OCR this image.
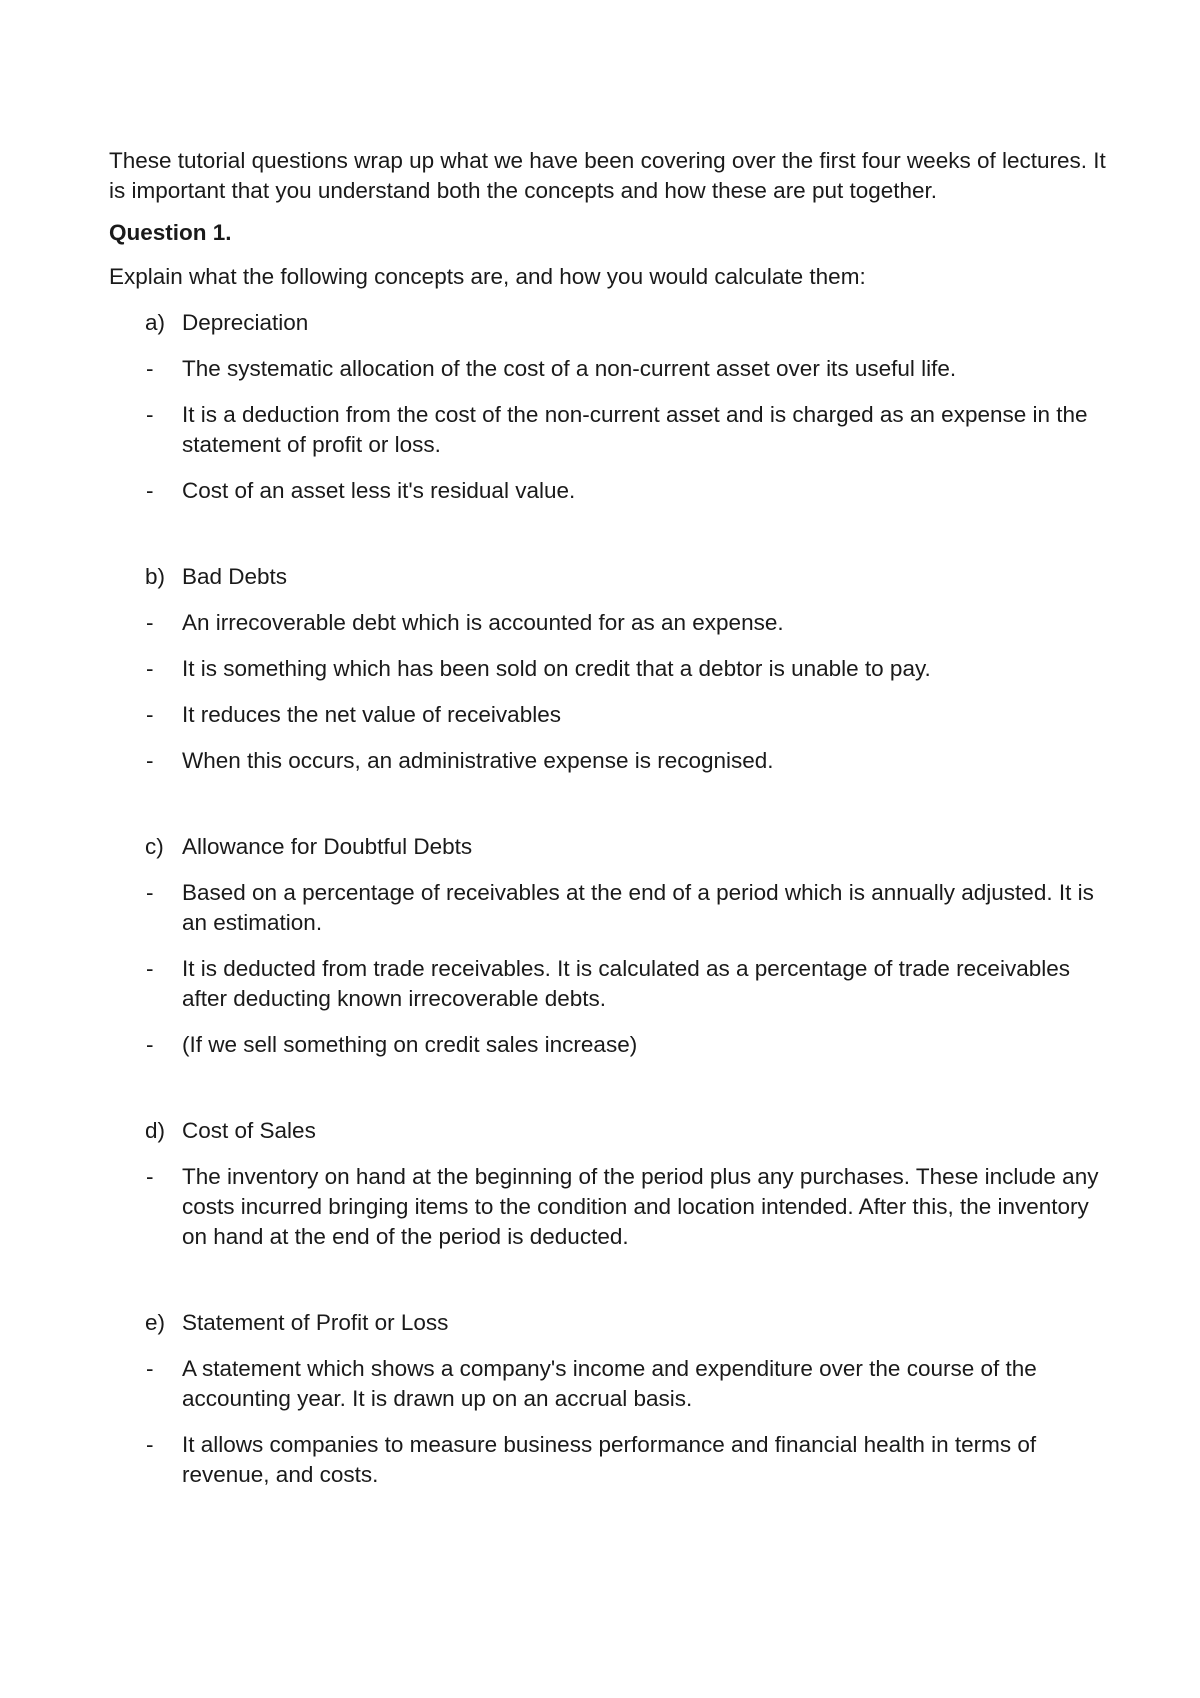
These tutorial questions wrap up what we have been covering over the first four weeks of lectures. It is important that you understand both the concepts and how these are put together.

Question 1.

Explain what the following concepts are, and how you would calculate them:

a) Depreciation
- The systematic allocation of the cost of a non-current asset over its useful life.
- It is a deduction from the cost of the non-current asset and is charged as an expense in the statement of profit or loss.
- Cost of an asset less it's residual value.
b) Bad Debts
- An irrecoverable debt which is accounted for as an expense.
- It is something which has been sold on credit that a debtor is unable to pay.
- It reduces the net value of receivables
- When this occurs, an administrative expense is recognised.
c) Allowance for Doubtful Debts
- Based on a percentage of receivables at the end of a period which is annually adjusted. It is an estimation.
- It is deducted from trade receivables. It is calculated as a percentage of trade receivables after deducting known irrecoverable debts.
- (If we sell something on credit sales increase)
d) Cost of Sales
- The inventory on hand at the beginning of the period plus any purchases. These include any costs incurred bringing items to the condition and location intended. After this, the inventory on hand at the end of the period is deducted.
e) Statement of Profit or Loss
- A statement which shows a company's income and expenditure over the course of the accounting year. It is drawn up on an accrual basis.
- It allows companies to measure business performance and financial health in terms of revenue, and costs.
